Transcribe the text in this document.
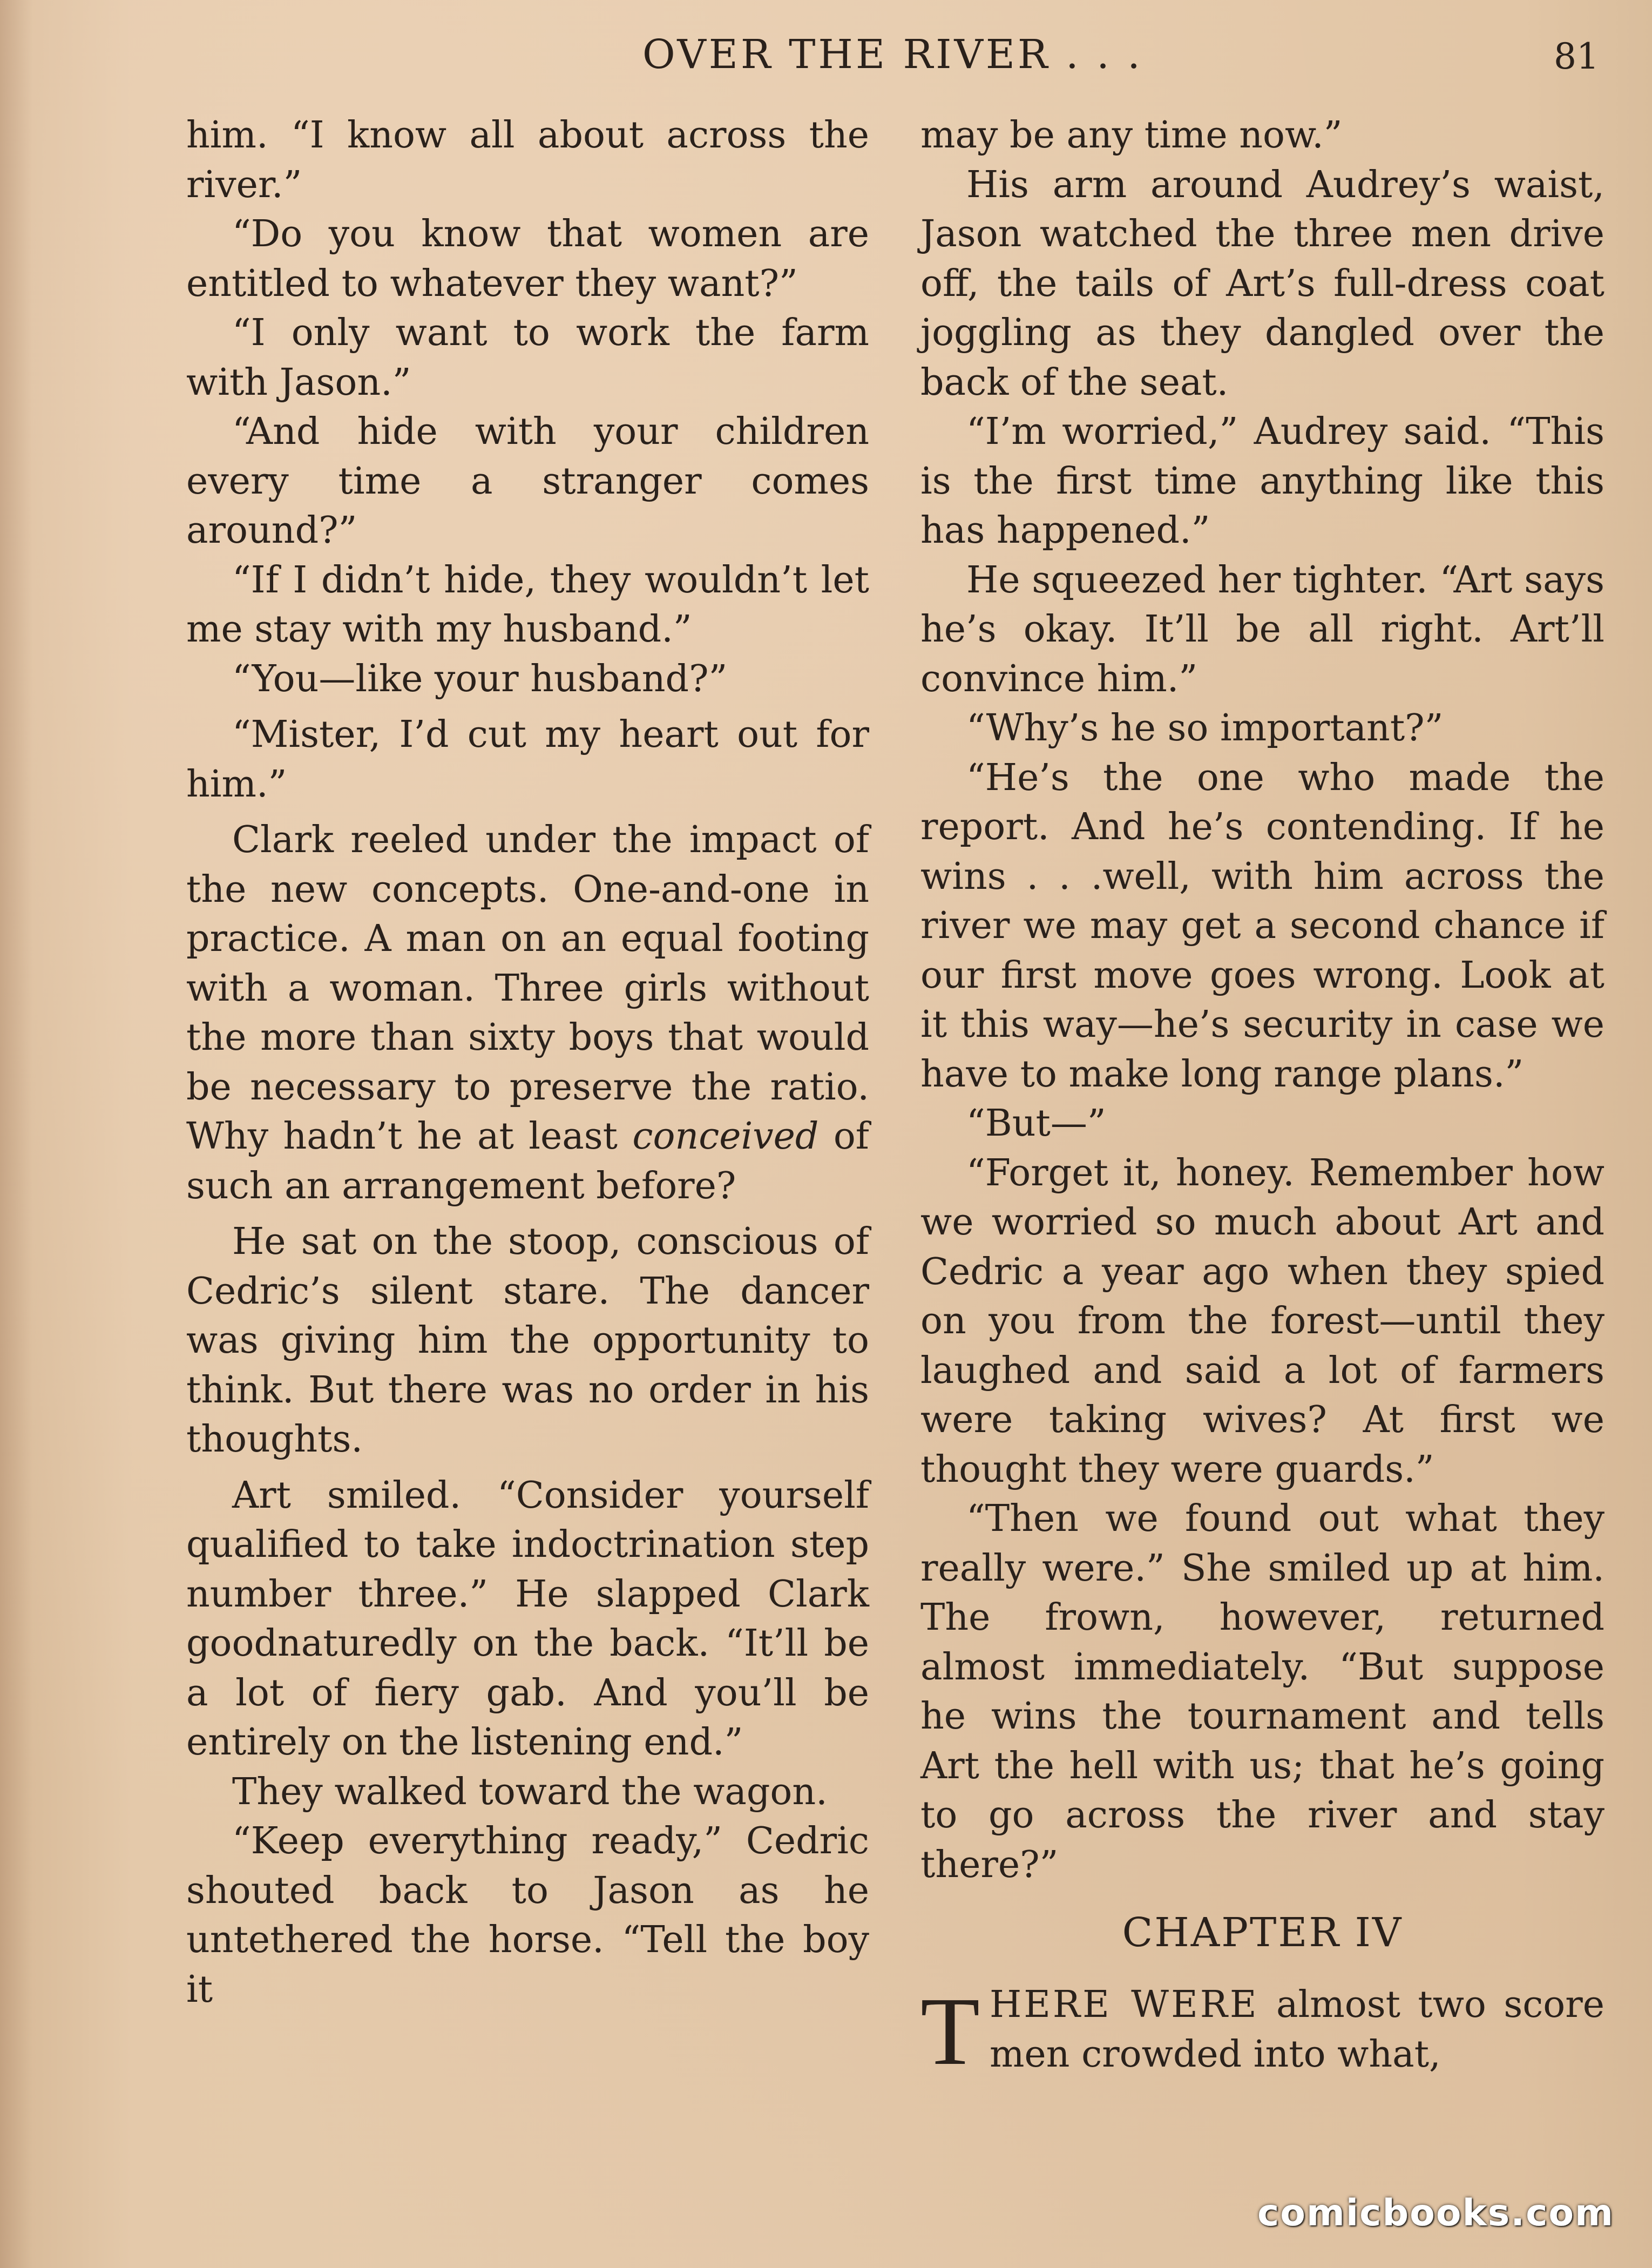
OVER THE RIVER . . .	81

him. “I know all about across the river.”

“Do you know that women are entitled to whatever they want?”

“I only want to work the farm with Jason.”

“And hide with your children every time a stranger comes around?”

“If I didn’t hide, they wouldn’t let me stay with my husband.”

“You—like your husband?”

“Mister, I’d cut my heart out for him.”

Clark reeled under the impact of the new concepts. One-and-one in practice. A man on an equal footing with a woman. Three girls without the more than sixty boys that would be necessary to preserve the ratio. Why hadn’t he at least conceived of such an arrangement before?

He sat on the stoop, conscious of Cedric’s silent stare. The dancer was giving him the opportunity to think. But there was no order in his thoughts.

Art smiled. “Consider yourself qualified to take indoctrination step number three.” He slapped Clark goodnaturedly on the back. “It’ll be a lot of fiery gab. And you’ll be entirely on the listening end.”

They walked toward the wagon.

“Keep everything ready,” Cedric shouted back to Jason as he untethered the horse. “Tell the boy it

may be any time now.”

His arm around Audrey’s waist, Jason watched the three men drive off, the tails of Art’s full-dress coat joggling as they dangled over the back of the seat.

“I’m worried,” Audrey said. “This is the first time anything like this has happened.”

He squeezed her tighter. “Art says he’s okay. It’ll be all right. Art’ll convince him.”

“Why’s he so important?”

“He’s the one who made the report. And he’s contending. If he wins . . .well, with him across the river we may get a second chance if our first move goes wrong. Look at it this way—he’s security in case we have to make long range plans.”

“But—”

“Forget it, honey. Remember how we worried so much about Art and Cedric a year ago when they spied on you from the forest—until they laughed and said a lot of farmers were taking wives? At first we thought they were guards.”

“Then we found out what they really were.” She smiled up at him. The frown, however, returned almost immediately. “But suppose he wins the tournament and tells Art the hell with us; that he’s going to go across the river and stay there?”

CHAPTER IV

THERE WERE almost two score men crowded into what,

comicbooks.com
